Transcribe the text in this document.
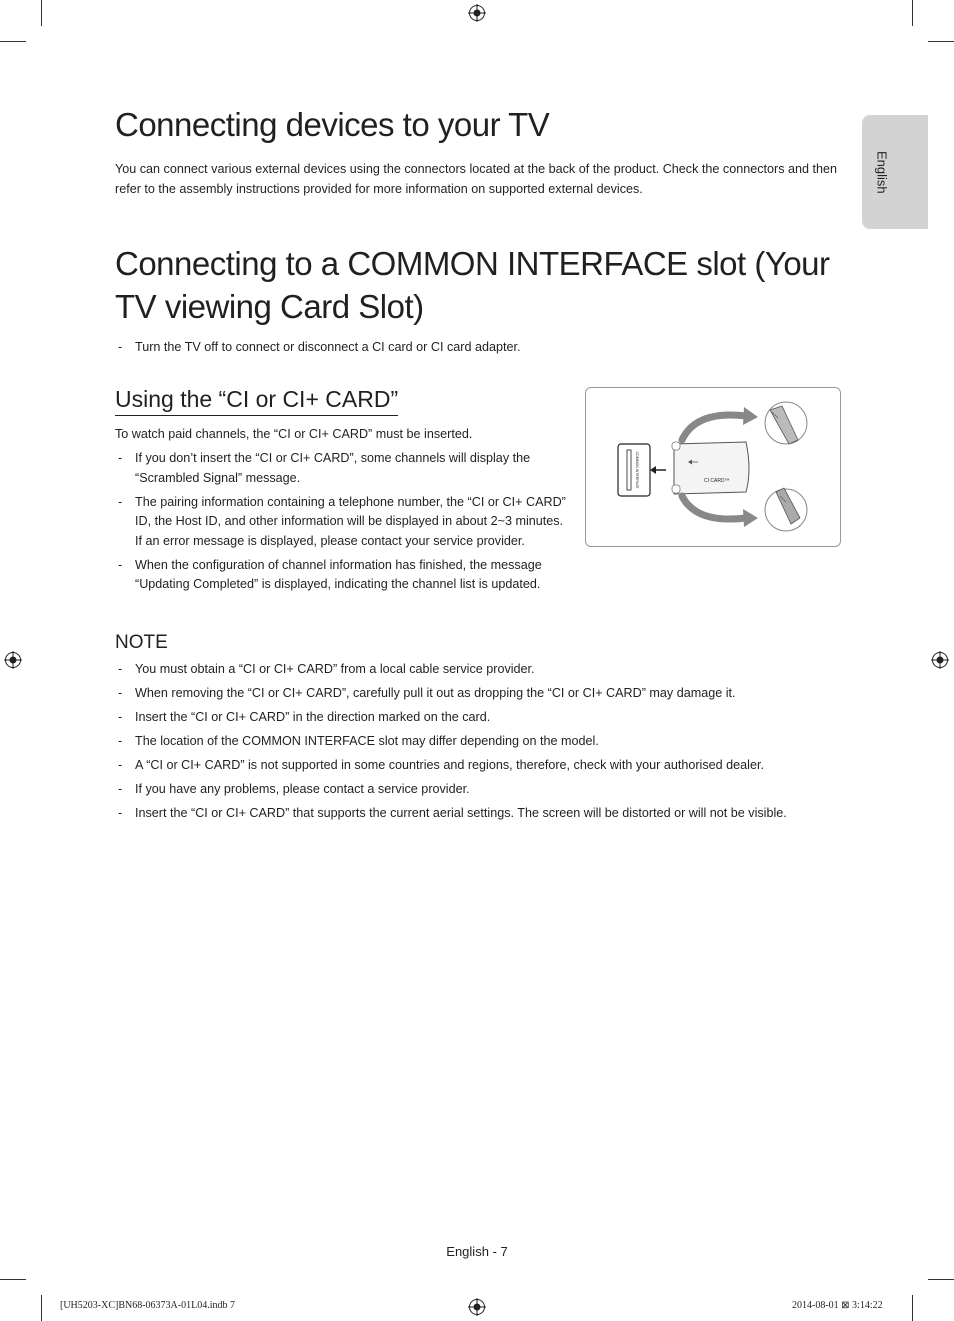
English
Connecting devices to your TV

You can connect various external devices using the connectors located at the back of the product. Check the connectors and then refer to the assembly instructions provided for more information on supported external devices.

Connecting to a COMMON INTERFACE slot (Your TV viewing Card Slot)
- Turn the TV off to connect or disconnect a CI card or CI card adapter.
Using the “CI or CI+ CARD”

To watch paid channels, the “CI or CI+ CARD” must be inserted.

- If you don’t insert the “CI or CI+ CARD”, some channels will display the “Scrambled Signal” message.
- The pairing information containing a telephone number, the “CI or CI+ CARD” ID, the Host ID, and other information will be displayed in about 2~3 minutes. If an error message is displayed, please contact your service provider.
- When the configuration of channel information has finished, the message “Updating Completed” is displayed, indicating the channel list is updated.
COMMON INTERFACE	CI CARD™
NOTE
- You must obtain a “CI or CI+ CARD” from a local cable service provider.
- When removing the “CI or CI+ CARD”, carefully pull it out as dropping the “CI or CI+ CARD” may damage it.
- Insert the “CI or CI+ CARD” in the direction marked on the card.
- The location of the COMMON INTERFACE slot may differ depending on the model.
- A “CI or CI+ CARD” is not supported in some countries and regions, therefore, check with your authorised dealer.
- If you have any problems, please contact a service provider.
- Insert the “CI or CI+ CARD” that supports the current aerial settings. The screen will be distorted or will not be visible.
English - 7
[UH5203-XC]BN68-06373A-01L04.indb 7	2014-08-01 ⊠ 3:14:22
